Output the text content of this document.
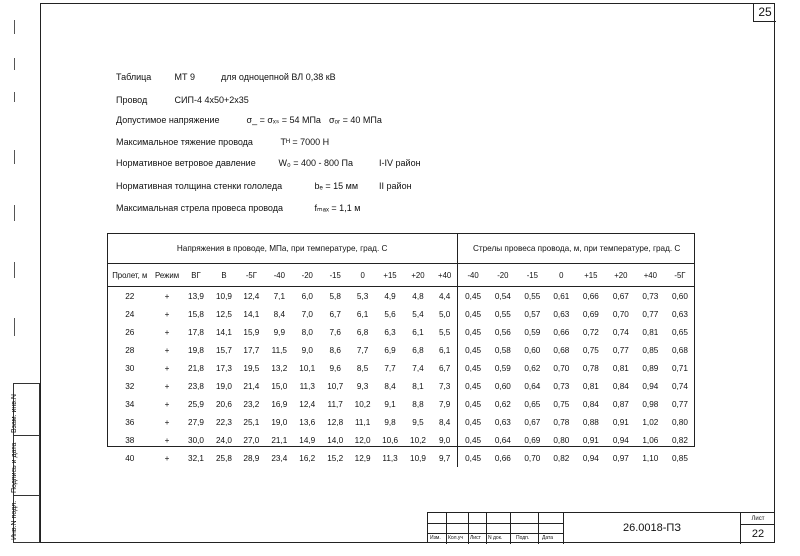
25
Взам. инв.N
Подпись и дата
Инв.N подл.
Таблица	МТ 9	для одноцепной ВЛ 0,38 кВ
Провод	СИП-4 4х50+2х35
Допустимое напряжение	σ_ = σₓₛ = 54 МПа σₒᵣ = 40 МПа
Максимальное тяжение провода	Tᴴ = 7000 Н
Нормативное ветровое давление	W₀ = 400 - 800 Па	I-IV район
Нормативная толщина стенки гололеда	bₑ = 15 мм II район
Максимальная стрела провеса провода	fₘₐₓ = 1,1 м
Напряжения в проводе, МПа, при температуре, град. С												Стрелы провеса провода, м, при температуре, град. С							
Пролет, м	Режим	ВГ	В	-5Г	-40	-20	-15	0	+15	+20	+40	-40	-20	-15	0	+15	+20	+40	-5Г
22	+	13,9	10,9	12,4	7,1	6,0	5,8	5,3	4,9	4,8	4,4	0,45	0,54	0,55	0,61	0,66	0,67	0,73	0,60
24	+	15,8	12,5	14,1	8,4	7,0	6,7	6,1	5,6	5,4	5,0	0,45	0,55	0,57	0,63	0,69	0,70	0,77	0,63
26	+	17,8	14,1	15,9	9,9	8,0	7,6	6,8	6,3	6,1	5,5	0,45	0,56	0,59	0,66	0,72	0,74	0,81	0,65
28	+	19,8	15,7	17,7	11,5	9,0	8,6	7,7	6,9	6,8	6,1	0,45	0,58	0,60	0,68	0,75	0,77	0,85	0,68
30	+	21,8	17,3	19,5	13,2	10,1	9,6	8,5	7,7	7,4	6,7	0,45	0,59	0,62	0,70	0,78	0,81	0,89	0,71
32	+	23,8	19,0	21,4	15,0	11,3	10,7	9,3	8,4	8,1	7,3	0,45	0,60	0,64	0,73	0,81	0,84	0,94	0,74
34	+	25,9	20,6	23,2	16,9	12,4	11,7	10,2	9,1	8,8	7,9	0,45	0,62	0,65	0,75	0,84	0,87	0,98	0,77
36	+	27,9	22,3	25,1	19,0	13,6	12,8	11,1	9,8	9,5	8,4	0,45	0,63	0,67	0,78	0,88	0,91	1,02	0,80
38	+	30,0	24,0	27,0	21,1	14,9	14,0	12,0	10,6	10,2	9,0	0,45	0,64	0,69	0,80	0,91	0,94	1,06	0,82
40	+	32,1	25,8	28,9	23,4	16,2	15,2	12,9	11,3	10,9	9,7	0,45	0,66	0,70	0,82	0,94	0,97	1,10	0,85
Изм. Кол.уч Лист N док.	Подп.	Дата
26.0018-ПЗ
Лист
22
